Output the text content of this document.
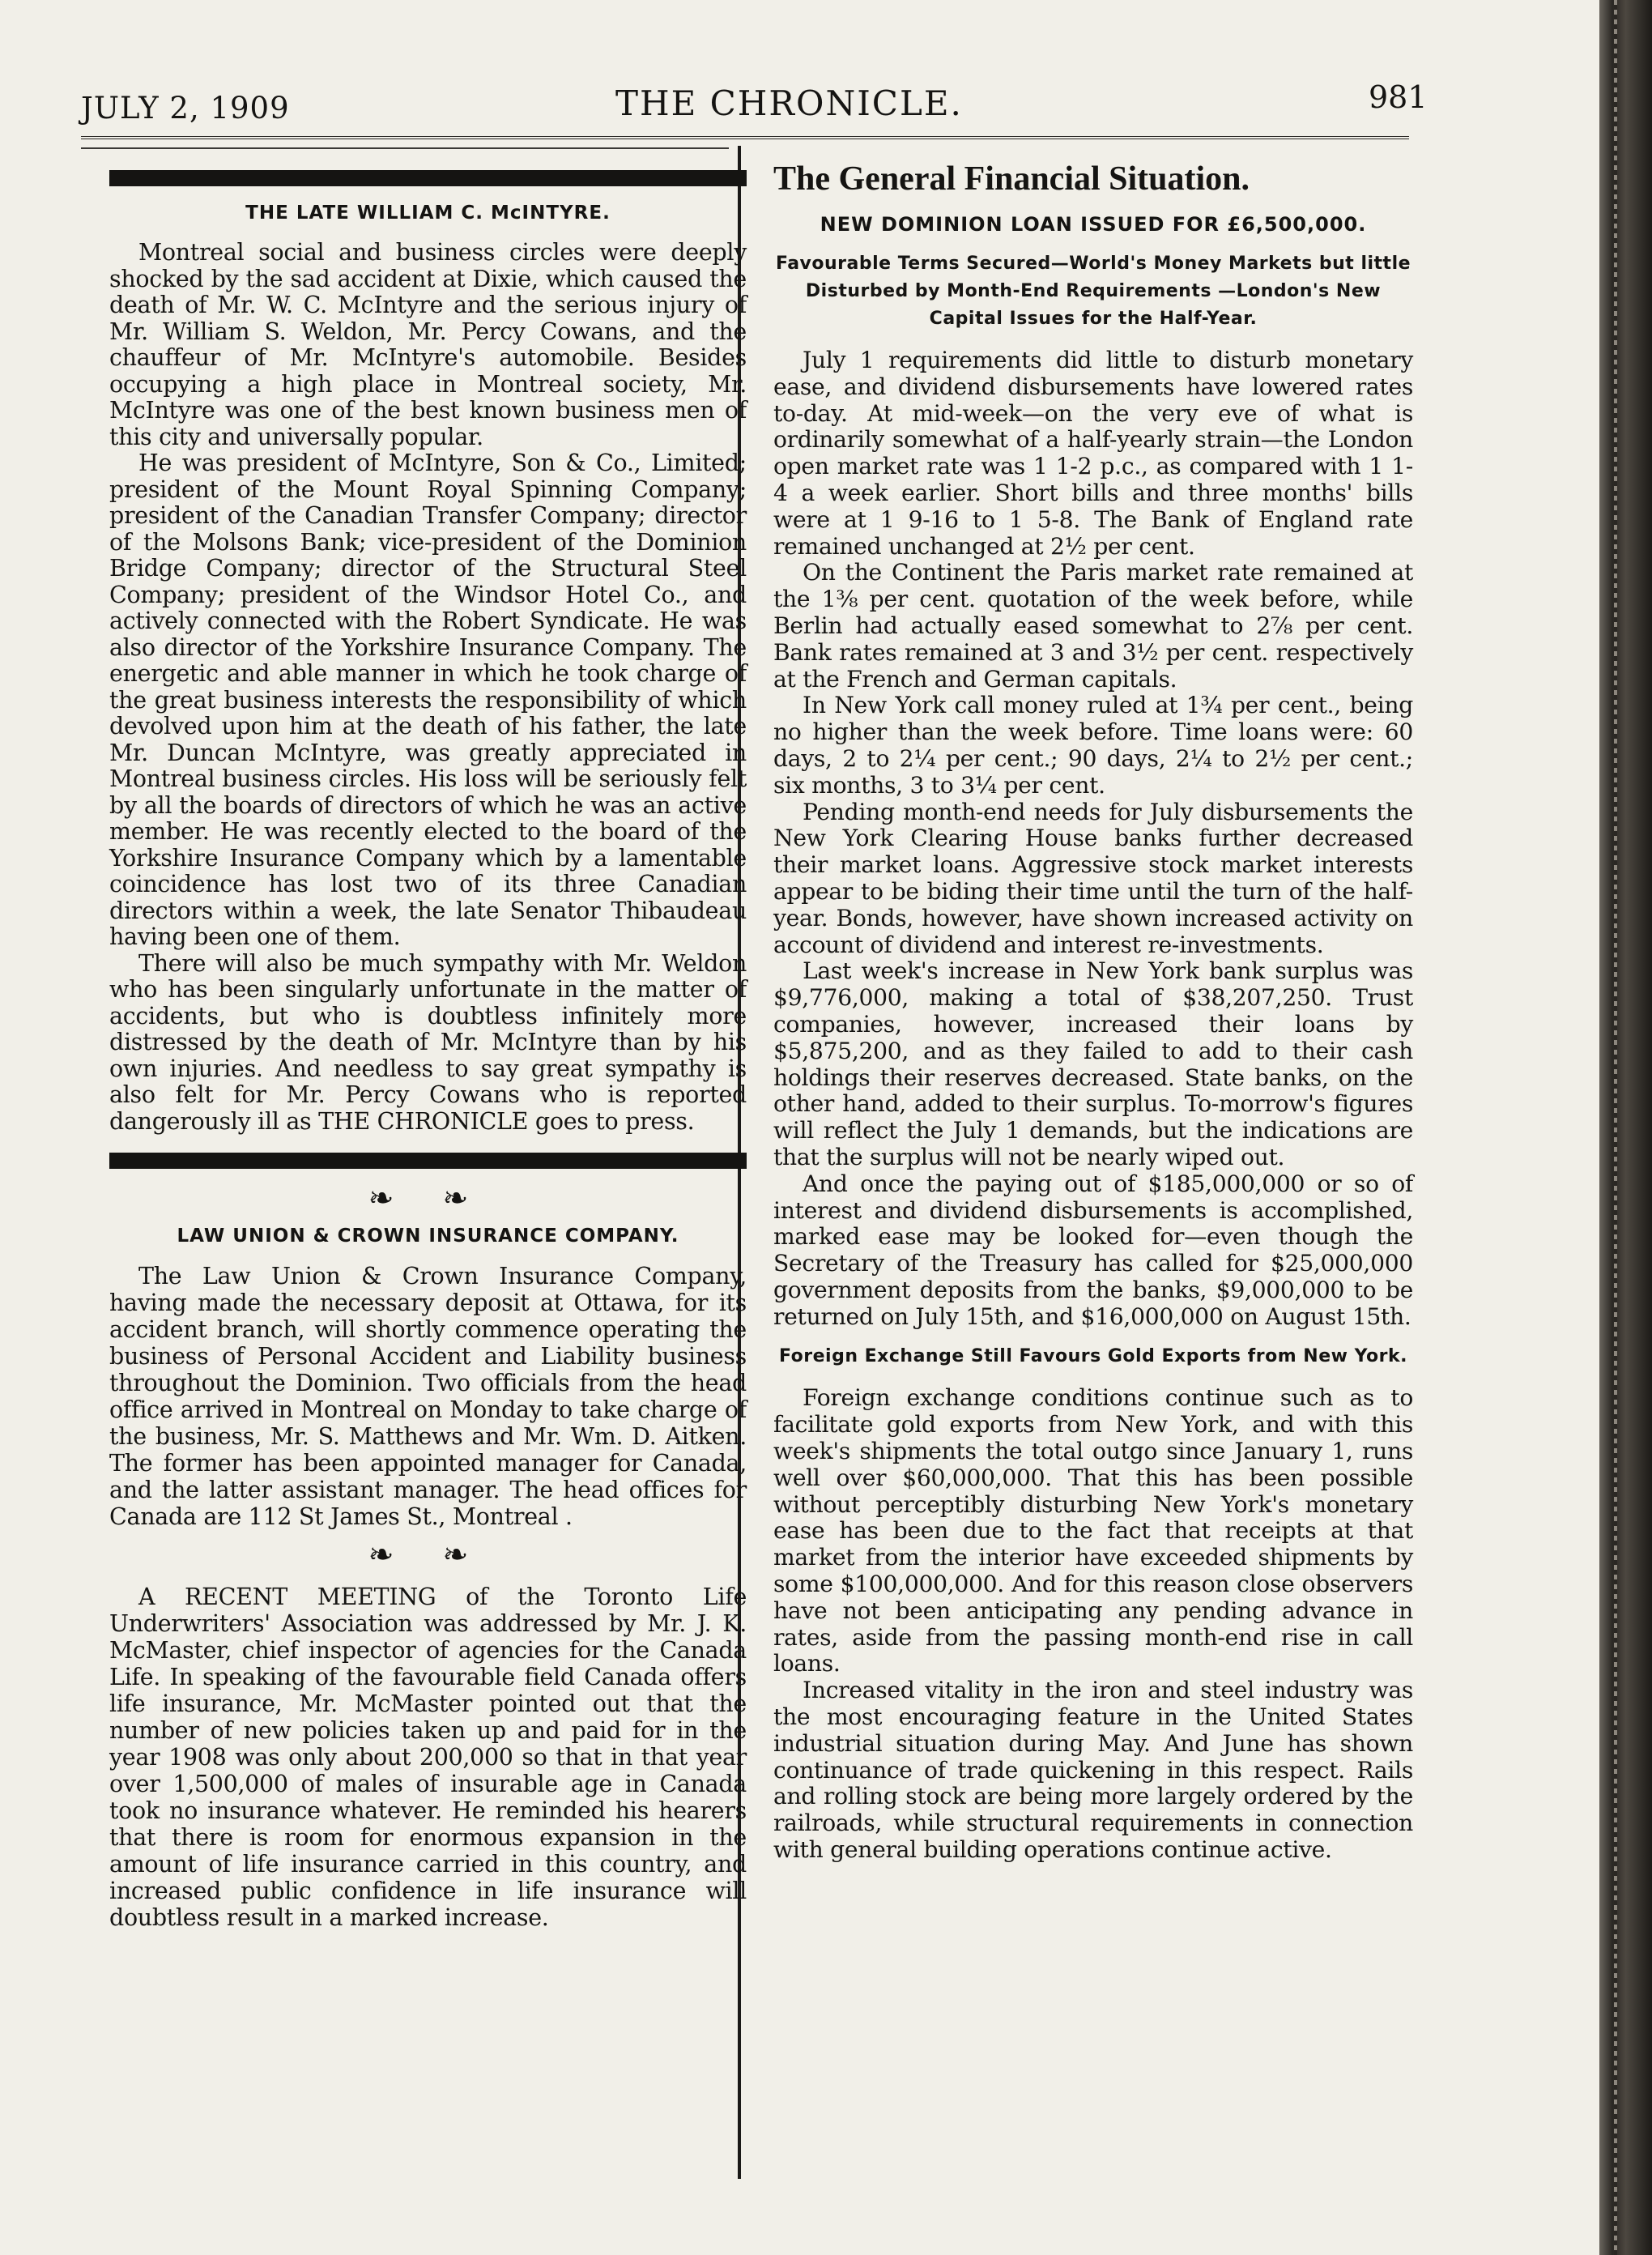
JULY 2, 1909	THE CHRONICLE.	981
THE LATE WILLIAM C. McINTYRE.

Montreal social and business circles were deeply shocked by the sad accident at Dixie, which caused the death of Mr. W. C. McIntyre and the serious injury of Mr. William S. Weldon, Mr. Percy Cowans, and the chauffeur of Mr. McIntyre's automobile. Besides occupying a high place in Montreal society, Mr. McIntyre was one of the best known business men of this city and universally popular.

He was president of McIntyre, Son & Co., Limited; president of the Mount Royal Spinning Company; president of the Canadian Transfer Company; director of the Molsons Bank; vice-president of the Dominion Bridge Company; director of the Structural Steel Company; president of the Windsor Hotel Co., and actively connected with the Robert Syndicate. He was also director of the Yorkshire Insurance Company. The energetic and able manner in which he took charge of the great business interests the responsibility of which devolved upon him at the death of his father, the late Mr. Duncan McIntyre, was greatly appreciated in Montreal business circles. His loss will be seriously felt by all the boards of directors of which he was an active member. He was recently elected to the board of the Yorkshire Insurance Company which by a lamentable coincidence has lost two of its three Canadian directors within a week, the late Senator Thibaudeau having been one of them.

There will also be much sympathy with Mr. Weldon who has been singularly unfortunate in the matter of accidents, but who is doubtless infinitely more distressed by the death of Mr. McIntyre than by his own injuries. And needless to say great sympathy is also felt for Mr. Percy Cowans who is reported dangerously ill as THE CHRONICLE goes to press.

❧ ❧
LAW UNION & CROWN INSURANCE COMPANY.

The Law Union & Crown Insurance Company, having made the necessary deposit at Ottawa, for its accident branch, will shortly commence operating the business of Personal Accident and Liability business throughout the Dominion. Two officials from the head office arrived in Montreal on Monday to take charge of the business, Mr. S. Matthews and Mr. Wm. D. Aitken. The former has been appointed manager for Canada, and the latter assistant manager. The head offices for Canada are 112 St James St., Montreal .

❧ ❧

A RECENT MEETING of the Toronto Life Underwriters' Association was addressed by Mr. J. K. McMaster, chief inspector of agencies for the Canada Life. In speaking of the favourable field Canada offers life insurance, Mr. McMaster pointed out that the number of new policies taken up and paid for in the year 1908 was only about 200,000 so that in that year over 1,500,000 of males of insurable age in Canada took no insurance whatever. He reminded his hearers that there is room for enormous expansion in the amount of life insurance carried in this country, and increased public confidence in life insurance will doubtless result in a marked increase.

The General Financial Situation.
NEW DOMINION LOAN ISSUED FOR £6,500,000.
Favourable Terms Secured—World's Money Markets but little Disturbed by Month-End Requirements —London's New Capital Issues for the Half-Year.

July 1 requirements did little to disturb monetary ease, and dividend disbursements have lowered rates to-day. At mid-week—on the very eve of what is ordinarily somewhat of a half-yearly strain—the London open market rate was 1 1-2 p.c., as compared with 1 1-4 a week earlier. Short bills and three months' bills were at 1 9-16 to 1 5-8. The Bank of England rate remained unchanged at 2½ per cent.

On the Continent the Paris market rate remained at the 1⅜ per cent. quotation of the week before, while Berlin had actually eased somewhat to 2⅞ per cent. Bank rates remained at 3 and 3½ per cent. respectively at the French and German capitals.

In New York call money ruled at 1¾ per cent., being no higher than the week before. Time loans were: 60 days, 2 to 2¼ per cent.; 90 days, 2¼ to 2½ per cent.; six months, 3 to 3¼ per cent.

Pending month-end needs for July disbursements the New York Clearing House banks further decreased their market loans. Aggressive stock market interests appear to be biding their time until the turn of the half-year. Bonds, however, have shown increased activity on account of dividend and interest re-investments.

Last week's increase in New York bank surplus was $9,776,000, making a total of $38,207,250. Trust companies, however, increased their loans by $5,875,200, and as they failed to add to their cash holdings their reserves decreased. State banks, on the other hand, added to their surplus. To-morrow's figures will reflect the July 1 demands, but the indications are that the surplus will not be nearly wiped out.

And once the paying out of $185,000,000 or so of interest and dividend disbursements is accomplished, marked ease may be looked for—even though the Secretary of the Treasury has called for $25,000,000 government deposits from the banks, $9,000,000 to be returned on July 15th, and $16,000,000 on August 15th.

Foreign Exchange Still Favours Gold Exports from New York.

Foreign exchange conditions continue such as to facilitate gold exports from New York, and with this week's shipments the total outgo since January 1, runs well over $60,000,000. That this has been possible without perceptibly disturbing New York's monetary ease has been due to the fact that receipts at that market from the interior have exceeded shipments by some $100,000,000. And for this reason close observers have not been anticipating any pending advance in rates, aside from the passing month-end rise in call loans.

Increased vitality in the iron and steel industry was the most encouraging feature in the United States industrial situation during May. And June has shown continuance of trade quickening in this respect. Rails and rolling stock are being more largely ordered by the railroads, while structural requirements in connection with general building operations continue active.
